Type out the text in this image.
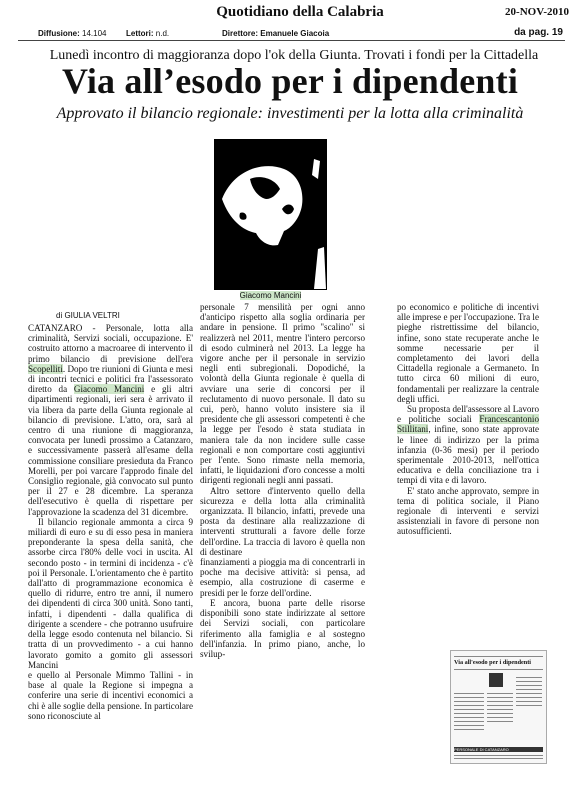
Quotidiano della Calabria	20-NOV-2010
Diffusione: 14.104 Lettori: n.d.	Direttore: Emanuele Giacoia	da pag. 19
Lunedì incontro di maggioranza dopo l'ok della Giunta. Trovati i fondi per la Cittadella
Via all’esodo per i dipendenti
Approvato il bilancio regionale: investimenti per la lotta alla criminalità
Giacomo Mancini
di GIULIA VELTRI

CATANZARO - Personale, lotta alla criminalità, Servizi sociali, occupazione. E' costruito attorno a macroaree di intervento il primo bilancio di previsione dell'era Scopelliti. Dopo tre riunioni di Giunta e mesi di incontri tecnici e politici fra l'assessorato diretto da Giacomo Mancini e gli altri dipartimenti regionali, ieri sera è arrivato il via libera da parte della Giunta regionale al bilancio di previsione. L'atto, ora, sarà al centro di una riunione di maggioranza, convocata per lunedì prossimo a Catanzaro, e successivamente passerà all'esame della commissione consiliare presieduta da Franco Morelli, per poi varcare l'approdo finale del Consiglio regionale, già convocato sul punto per il 27 e 28 dicembre. La speranza dell'esecutivo è quella di rispettare per l'approvazione la scadenza del 31 dicembre.

Il bilancio regionale ammonta a circa 9 miliardi di euro e su di esso pesa in maniera preponderante la spesa della sanità, che assorbe circa l'80% delle voci in uscita. Al secondo posto - in termini di incidenza - c'è poi il Personale. L'orientamento che è partito dall'atto di programmazione economica è quello di ridurre, entro tre anni, il numero dei dipendenti di circa 300 unità. Sono tanti, infatti, i dipendenti - dalla qualifica di dirigente a scendere - che potranno usufruire della legge esodo contenuta nel bilancio. Si tratta di un provvedimento - a cui hanno lavorato gomito a gomito gli assessori Mancini

e quello al Personale Mimmo Tallini - in base al quale la Regione si impegna a conferire una serie di incentivi economici a chi è alle soglie della pensione. In particolare sono riconosciute al

personale 7 mensilità per ogni anno d'anticipo rispetto alla soglia ordinaria per andare in pensione. Il primo "scalino" si realizzerà nel 2011, mentre l'intero percorso di esodo culminerà nel 2013. La legge ha vigore anche per il personale in servizio negli enti subregionali. Dopodiché, la volontà della Giunta regionale è quella di avviare una serie di concorsi per il reclutamento di nuovo personale. Il dato su cui, però, hanno voluto insistere sia il presidente che gli assessori competenti è che la legge per l'esodo è stata studiata in maniera tale da non incidere sulle casse regionali e non comportare costi aggiuntivi per l'ente. Sono rimaste nella memoria, infatti, le liquidazioni d'oro concesse a molti dirigenti regionali negli anni passati.

Altro settore d'intervento quello della sicurezza e della lotta alla criminalità organizzata. Il bilancio, infatti, prevede una posta da destinare alla realizzazione di interventi strutturali a favore delle forze dell'ordine. La traccia di lavoro è quella non di destinare

finanziamenti a pioggia ma di concentrarli in poche ma decisive attività: si pensa, ad esempio, alla costruzione di caserme e presidi per le forze dell'ordine.

E ancora, buona parte delle risorse disponibili sono state indirizzate al settore dei Servizi sociali, con particolare riferimento alla famiglia e al sostegno dell'infanzia. In primo piano, anche, lo svilup-

po economico e politiche di incentivi alle imprese e per l'occupazione. Tra le pieghe ristrettissime del bilancio, infine, sono state recuperate anche le somme necessarie per il completamento dei lavori della Cittadella regionale a Germaneto. In tutto circa 60 milioni di euro, fondamentali per realizzare la centrale degli uffici.

Su proposta dell'assessore al Lavoro e politiche sociali Francescantonio Stillitani, infine, sono state approvate le linee di indirizzo per la prima infanzia (0-36 mesi) per il periodo sperimentale 2010-2013, nell'ottica educativa e della conciliazione tra i tempi di vita e di lavoro.

E' stato anche approvato, sempre in tema di politica sociale, il Piano regionale di interventi e servizi assistenziali in favore di persone non autosufficienti.

Via all'esodo per i dipendenti
PERSONALE DI CATANZARO
